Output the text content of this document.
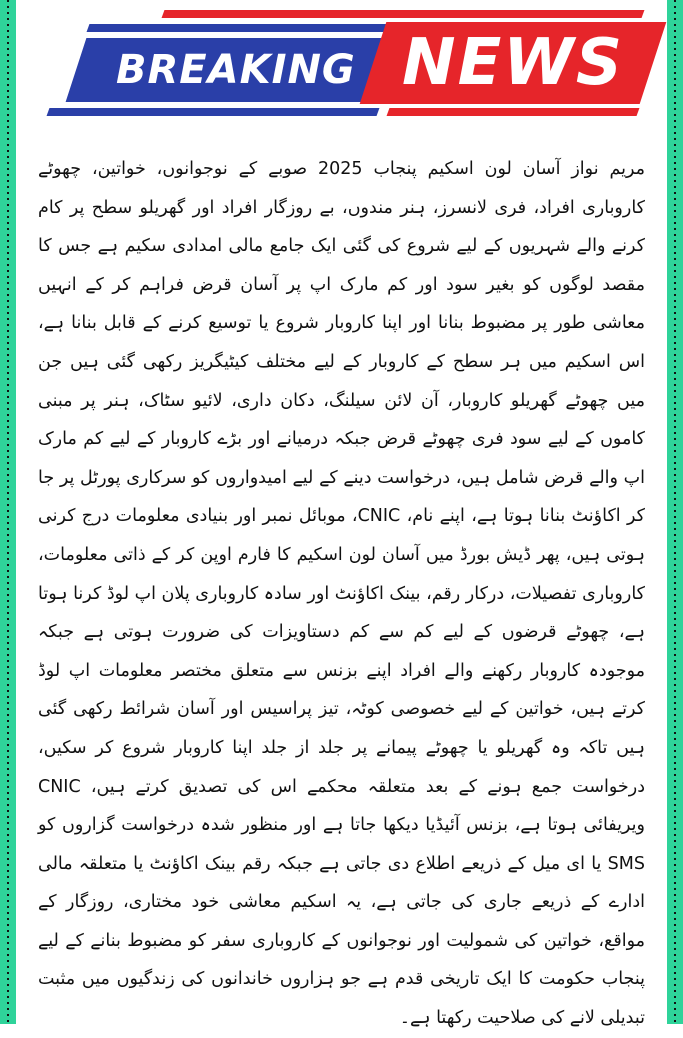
BREAKING NEWS

مریم نواز آسان لون اسکیم پنجاب 2025 صوبے کے نوجوانوں، خواتین، چھوٹے کاروباری افراد، فری لانسرز، ہنر مندوں، بے روزگار افراد اور گھریلو سطح پر کام کرنے والے شہریوں کے لیے شروع کی گئی ایک جامع مالی امدادی سکیم ہے جس کا مقصد لوگوں کو بغیر سود اور کم مارک اپ پر آسان قرض فراہم کر کے انہیں معاشی طور پر مضبوط بنانا اور اپنا کاروبار شروع یا توسیع کرنے کے قابل بنانا ہے، اس اسکیم میں ہر سطح کے کاروبار کے لیے مختلف کیٹیگریز رکھی گئی ہیں جن میں چھوٹے گھریلو کاروبار، آن لائن سیلنگ، دکان داری، لائیو سٹاک، ہنر پر مبنی کاموں کے لیے سود فری چھوٹے قرض جبکہ درمیانے اور بڑے کاروبار کے لیے کم مارک اپ والے قرض شامل ہیں، درخواست دینے کے لیے امیدواروں کو سرکاری پورٹل پر جا کر اکاؤنٹ بنانا ہوتا ہے، اپنے نام، CNIC، موبائل نمبر اور بنیادی معلومات درج کرنی ہوتی ہیں، پھر ڈیش بورڈ میں آسان لون اسکیم کا فارم اوپن کر کے ذاتی معلومات، کاروباری تفصیلات، درکار رقم، بینک اکاؤنٹ اور سادہ کاروباری پلان اپ لوڈ کرنا ہوتا ہے، چھوٹے قرضوں کے لیے کم سے کم دستاویزات کی ضرورت ہوتی ہے جبکہ موجودہ کاروبار رکھنے والے افراد اپنے بزنس سے متعلق مختصر معلومات اپ لوڈ کرتے ہیں، خواتین کے لیے خصوصی کوٹہ، تیز پراسیس اور آسان شرائط رکھی گئی ہیں تاکہ وہ گھریلو یا چھوٹے پیمانے پر جلد از جلد اپنا کاروبار شروع کر سکیں، درخواست جمع ہونے کے بعد متعلقہ محکمے اس کی تصدیق کرتے ہیں، CNIC ویریفائی ہوتا ہے، بزنس آئیڈیا دیکھا جاتا ہے اور منظور شدہ درخواست گزاروں کو SMS یا ای میل کے ذریعے اطلاع دی جاتی ہے جبکہ رقم بینک اکاؤنٹ یا متعلقہ مالی ادارے کے ذریعے جاری کی جاتی ہے، یہ اسکیم معاشی خود مختاری، روزگار کے مواقع، خواتین کی شمولیت اور نوجوانوں کے کاروباری سفر کو مضبوط بنانے کے لیے پنجاب حکومت کا ایک تاریخی قدم ہے جو ہزاروں خاندانوں کی زندگیوں میں مثبت تبدیلی لانے کی صلاحیت رکھتا ہے۔
